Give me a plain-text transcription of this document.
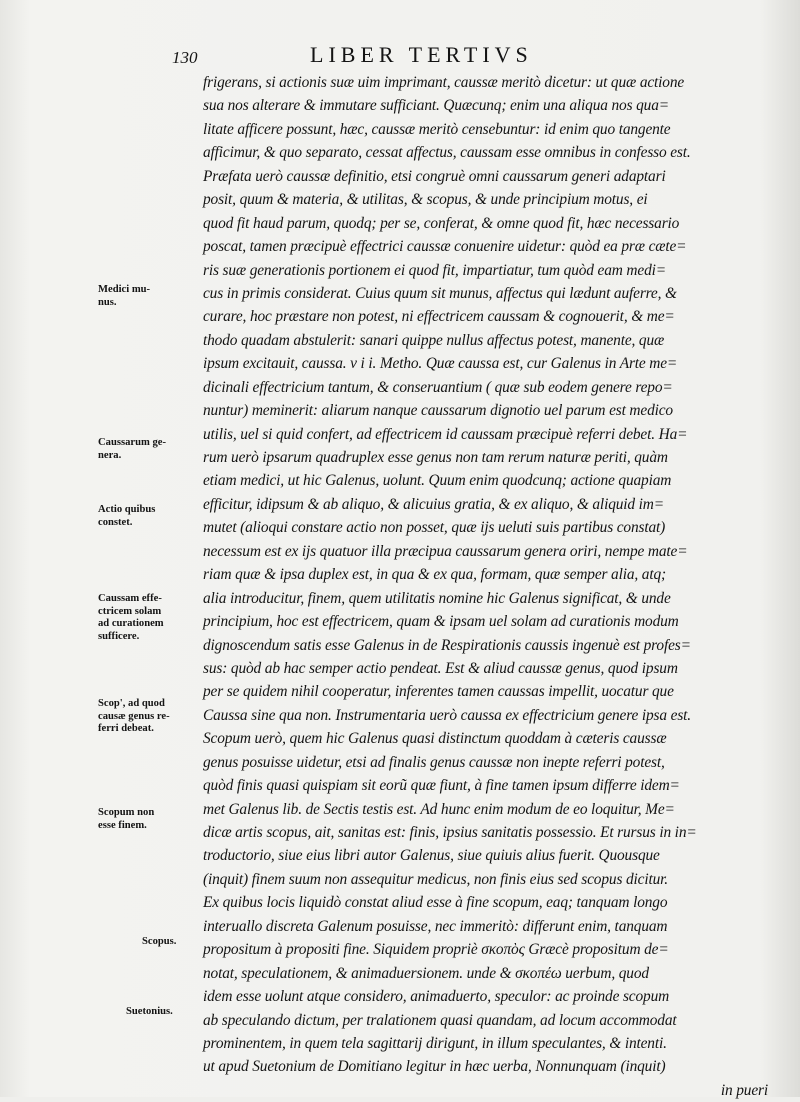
130	LIBER TERTIVS
frigerans, si actionis suæ uim imprimant, caussæ meritò dicetur: ut quæ actione
sua nos alterare & immutare sufficiant. Quæcunq; enim una aliqua nos qua=
litate afficere possunt, hæc, caussæ meritò censebuntur: id enim quo tangente
afficimur, & quo separato, cessat affectus, caussam esse omnibus in confesso est.
Præfata uerò caussæ definitio, etsi congruè omni caussarum generi adaptari
posit, quum & materia, & utilitas, & scopus, & unde principium motus, ei
quod fit haud parum, quodq; per se, conferat, & omne quod fit, hæc necessario
poscat, tamen præcipuè effectrici caussæ conuenire uidetur: quòd ea præ cæte=
ris suæ generationis portionem ei quod fit, impartiatur, tum quòd eam medi=
cus in primis considerat. Cuius quum sit munus, affectus qui lædunt auferre, &
curare, hoc præstare non potest, ni effectricem caussam & cognouerit, & me=
thodo quadam abstulerit: sanari quippe nullus affectus potest, manente, quæ
ipsum excitauit, caussa. v i i. Metho. Quæ caussa est, cur Galenus in Arte me=
dicinali effectricium tantum, & conseruantium ( quæ sub eodem genere repo=
nuntur) meminerit: aliarum nanque caussarum dignotio uel parum est medico
utilis, uel si quid confert, ad effectricem id caussam præcipuè referri debet. Ha=
rum uerò ipsarum quadruplex esse genus non tam rerum naturæ periti, quàm
etiam medici, ut hic Galenus, uolunt. Quum enim quodcunq; actione quapiam
efficitur, idipsum & ab aliquo, & alicuius gratia, & ex aliquo, & aliquid im=
mutet (alioqui constare actio non posset, quæ ijs ueluti suis partibus constat)
necessum est ex ijs quatuor illa præcipua caussarum genera oriri, nempe mate=
riam quæ & ipsa duplex est, in qua & ex qua, formam, quæ semper alia, atq;
alia introducitur, finem, quem utilitatis nomine hic Galenus significat, & unde
principium, hoc est effectricem, quam & ipsam uel solam ad curationis modum
dignoscendum satis esse Galenus in de Respirationis caussis ingenuè est profes=
sus: quòd ab hac semper actio pendeat. Est & aliud caussæ genus, quod ipsum
per se quidem nihil cooperatur, inferentes tamen caussas impellit, uocatur que
Caussa sine qua non. Instrumentaria uerò caussa ex effectricium genere ipsa est.
Scopum uerò, quem hic Galenus quasi distinctum quoddam à cæteris caussæ
genus posuisse uidetur, etsi ad finalis genus caussæ non inepte referri potest,
quòd finis quasi quispiam sit eorũ quæ fiunt, à fine tamen ipsum differre idem=
met Galenus lib. de Sectis testis est. Ad hunc enim modum de eo loquitur, Me=
dicæ artis scopus, ait, sanitas est: finis, ipsius sanitatis possessio. Et rursus in in=
troductorio, siue eius libri autor Galenus, siue quiuis alius fuerit. Quousque
(inquit) finem suum non assequitur medicus, non finis eius sed scopus dicitur.
Ex quibus locis liquidò constat aliud esse à fine scopum, eaq; tanquam longo
interuallo discreta Galenum posuisse, nec immeritò: differunt enim, tanquam
propositum à propositi fine. Siquidem propriè σκοπὸς Græcè propositum de=
notat, speculationem, & animaduersionem. unde & σκοπέω uerbum, quod
idem esse uolunt atque considero, animaduerto, speculor: ac proinde scopum
ab speculando dictum, per tralationem quasi quandam, ad locum accommodat
prominentem, in quem tela sagittarij dirigunt, in illum speculantes, & intenti.
ut apud Suetonium de Domitiano legitur in hæc uerba, Nonnunquam (inquit)
in pueri
Medici mu-
nus.
Caussarum ge-
nera.
Actio quibus
constet.
Caussam effe-
ctricem solam
ad curationem
sufficere.
Scop', ad quod
causæ genus re-
ferri debeat.
Scopum non
esse finem.
Scopus.
Suetonius.
